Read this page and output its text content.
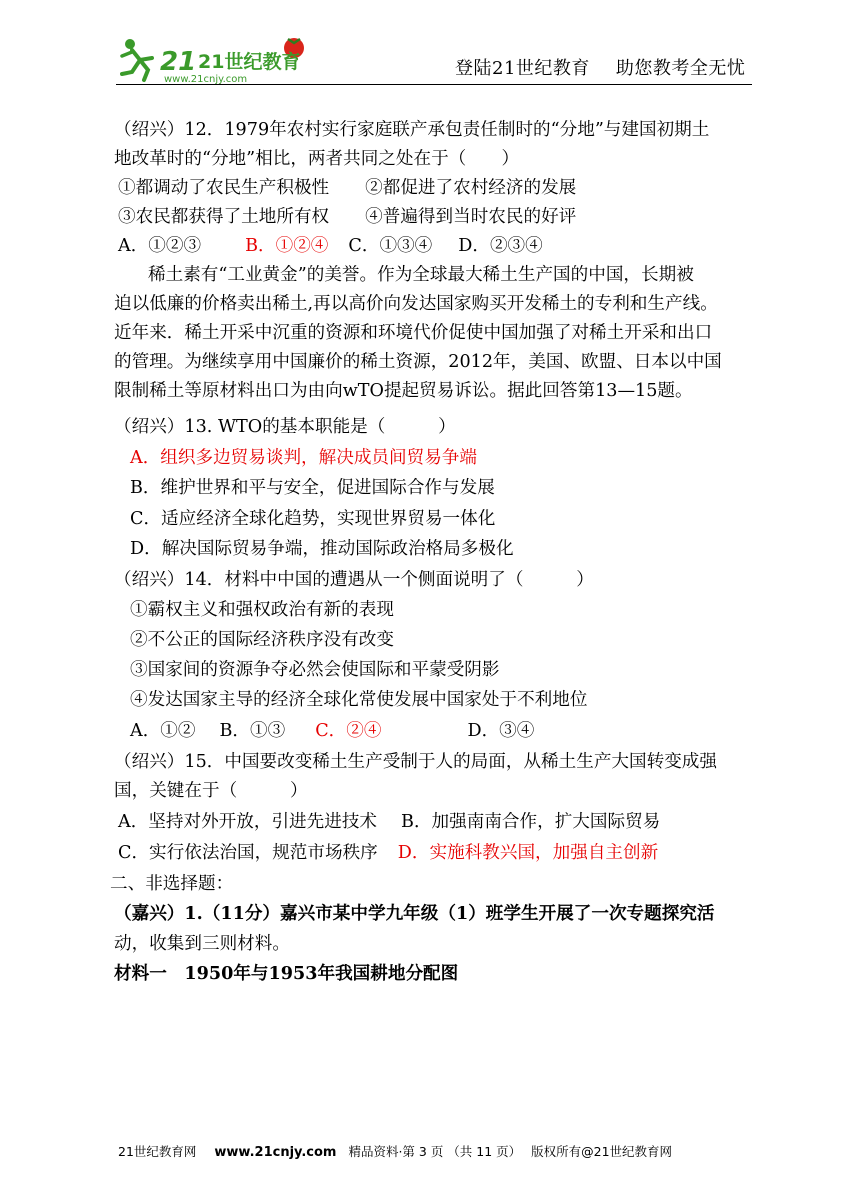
21 21世纪教育
www.21cnjy.com
登陆21世纪教育 助您教考全无忧
（绍兴）12．1979年农村实行家庭联产承包责任制时的“分地”与建国初期土
地改革时的“分地”相比，两者共同之处在于（　　）
①都调动了农民生产积极性 ②都促进了农村经济的发展
③农民都获得了土地所有权 ④普遍得到当时农民的好评
A．①②③	B．①②④ C．①③④ D．②③④
稀土素有“工业黄金”的美誉。作为全球最大稀土生产国的中国，长期被
迫以低廉的价格卖出稀土,再以高价向发达国家购买开发稀土的专利和生产线。
近年来．稀土开采中沉重的资源和环境代价促使中国加强了对稀土开采和出口
的管理。为继续享用中国廉价的稀土资源，2012年，美国、欧盟、日本以中国
限制稀土等原材料出口为由向wTO提起贸易诉讼。据此回答第13—15题。
（绍兴）13. WTO的基本职能是（　　　）
A．组织多边贸易谈判，解决成员间贸易争端
B．维护世界和平与安全，促进国际合作与发展
C．适应经济全球化趋势，实现世界贸易一体化
D．解决国际贸易争端，推动国际政治格局多极化
（绍兴）14．材料中中国的遭遇从一个侧面说明了（　　　）
①霸权主义和强权政治有新的表现
②不公正的国际经济秩序没有改变
③国家间的资源争夺必然会使国际和平蒙受阴影
④发达国家主导的经济全球化常使发展中国家处于不利地位
A．①② B．①③ C．②④	D．③④
（绍兴）15．中国要改变稀土生产受制于人的局面，从稀土生产大国转变成强
国，关键在于（　　　）
A．坚持对外开放，引进先进技术 B．加强南南合作，扩大国际贸易
C．实行依法治国，规范市场秩序 D．实施科教兴国，加强自主创新
二、非选择题：
（嘉兴）1.（11分）嘉兴市某中学九年级（1）班学生开展了一次专题探究活
动，收集到三则材料。
材料一　1950年与1953年我国耕地分配图
21世纪教育网 www.21cnjy.com 精品资料·第 3 页 （共 11 页） 版权所有@21世纪教育网
